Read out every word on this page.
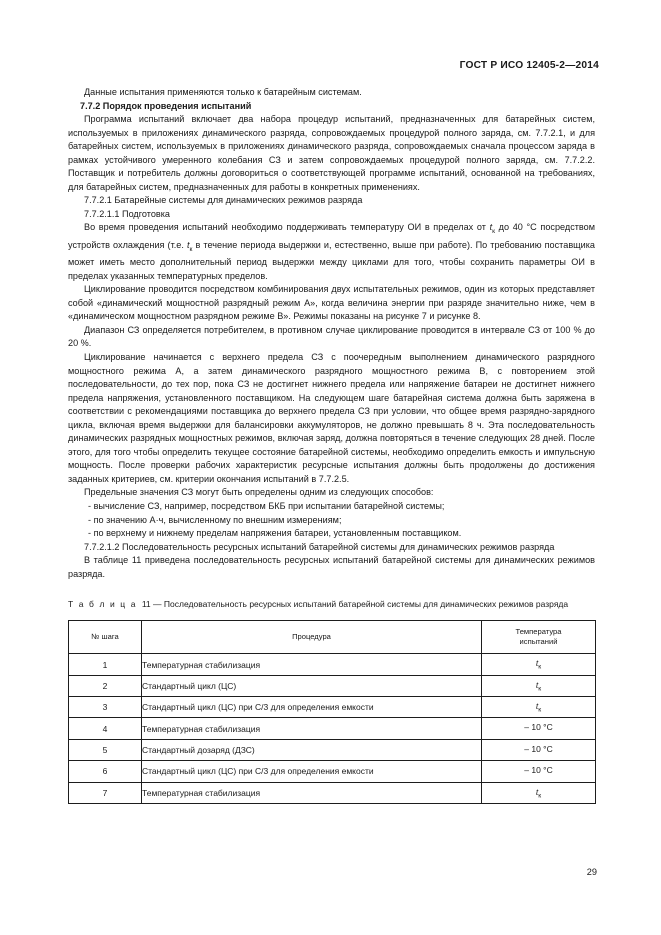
ГОСТ Р ИСО 12405-2—2014

Данные испытания применяются только к батарейным системам.

7.7.2 Порядок проведения испытаний

Программа испытаний включает два набора процедур испытаний, предназначенных для батарейных систем, используемых в приложениях динамического разряда, сопровождаемых процедурой полного заряда, см. 7.7.2.1, и для батарейных систем, используемых в приложениях динамического разряда, сопровождаемых сначала процессом заряда в рамках устойчивого умеренного колебания СЗ и затем сопровождаемых процедурой полного заряда, см. 7.7.2.2. Поставщик и потребитель должны договориться о соответствующей программе испытаний, основанной на требованиях, для батарейных систем, предназначенных для работы в конкретных применениях.

7.7.2.1 Батарейные системы для динамических режимов разряда

7.7.2.1.1 Подготовка

Во время проведения испытаний необходимо поддерживать температуру ОИ в пределах от $t_к$ до 40 °С посредством устройств охлаждения (т.е. $t_к$ в течение периода выдержки и, естественно, выше при работе). По требованию поставщика может иметь место дополнительный период выдержки между циклами для того, чтобы сохранить параметры ОИ в пределах указанных температурных пределов.

Циклирование проводится посредством комбинирования двух испытательных режимов, один из которых представляет собой «динамический мощностной разрядный режим А», когда величина энергии при разряде значительно ниже, чем в «динамическом мощностном разрядном режиме В». Режимы показаны на рисунке 7 и рисунке 8.

Диапазон СЗ определяется потребителем, в противном случае циклирование проводится в интервале СЗ от 100 % до 20 %.

Циклирование начинается с верхнего предела СЗ с поочередным выполнением динамического разрядного мощностного режима А, а затем динамического разрядного мощностного режима В, с повторением этой последовательности, до тех пор, пока СЗ не достигнет нижнего предела или напряжение батареи не достигнет нижнего предела напряжения, установленного поставщиком. На следующем шаге батарейная система должна быть заряжена в соответствии с рекомендациями поставщика до верхнего предела СЗ при условии, что общее время разрядно-зарядного цикла, включая время выдержки для балансировки аккумуляторов, не должно превышать 8 ч. Эта последовательность динамических разрядных мощностных режимов, включая заряд, должна повторяться в течение следующих 28 дней. После этого, для того чтобы определить текущее состояние батарейной системы, необходимо определить емкость и импульсную мощность. После проверки рабочих характеристик ресурсные испытания должны быть продолжены до достижения заданных критериев, см. критерии окончания испытаний в 7.7.2.5.

Предельные значения СЗ могут быть определены одним из следующих способов:

- вычисление СЗ, например, посредством БКБ при испытании батарейной системы;

- по значению А·ч, вычисленному по внешним измерениям;

- по верхнему и нижнему пределам напряжения батареи, установленным поставщиком.

7.7.2.1.2 Последовательность ресурсных испытаний батарейной системы для динамических режимов разряда

В таблице 11 приведена последовательность ресурсных испытаний батарейной системы для динамических режимов разряда.

Т а б л и ц а 11 — Последовательность ресурсных испытаний батарейной системы для динамических режимов разряда

№ шага	Процедура	Температура
испытаний

1	Температурная стабилизация	$t_к$
2	Стандартный цикл (ЦС)	$t_к$
3	Стандартный цикл (ЦС) при С/3 для определения емкости	$t_к$
4	Температурная стабилизация	– 10 °С
5	Стандартный дозаряд (ДЗС)	– 10 °С
6	Стандартный цикл (ЦС) при С/3 для определения емкости	– 10 °С
7	Температурная стабилизация	$t_к$
29
